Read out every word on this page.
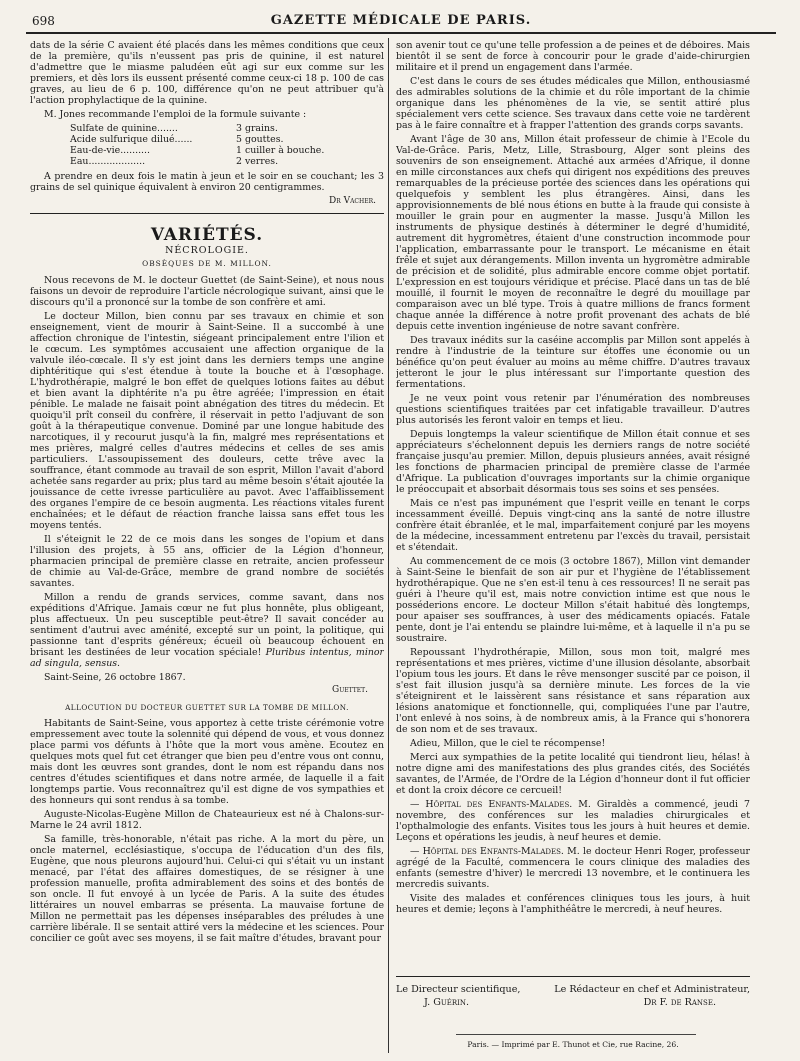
698	GAZETTE MÉDICALE DE PARIS.

dats de la série C avaient été placés dans les mêmes conditions que ceux de la première, qu'ils n'eussent pas pris de quinine, il est naturel d'admettre que le miasme paludéen eût agi sur eux comme sur les premiers, et dès lors ils eussent présenté comme ceux-ci 18 p. 100 de cas graves, au lieu de 6 p. 100, différence qu'on ne peut attribuer qu'à l'action prophylactique de la quinine.

M. Jones recommande l'emploi de la formule suivante :

Sulfate de quinine.......	3 grains.
Acide sulfurique dilué......	5 gouttes.
Eau-de-vie..........	1 cuiller à bouche.
Eau...................	2 verres.

A prendre en deux fois le matin à jeun et le soir en se couchant; les 3 grains de sel quinique équivalent à environ 20 centigrammes.

Dr Vacher.
VARIÉTÉS.
NÉCROLOGIE.
OBSÈQUES DE M. MILLON.

Nous recevons de M. le docteur Guettet (de Saint-Seine), et nous nous faisons un devoir de reproduire l'article nécrologique suivant, ainsi que le discours qu'il a prononcé sur la tombe de son confrère et ami.

Le docteur Millon, bien connu par ses travaux en chimie et son enseignement, vient de mourir à Saint-Seine. Il a succombé à une affection chronique de l'intestin, siégeant principalement entre l'ilion et le cœcum. Les symptômes accusaient une affection organique de la valvule iléo-cœcale. Il s'y est joint dans les derniers temps une angine diphtéritique qui s'est étendue à toute la bouche et à l'œsophage. L'hydrothérapie, malgré le bon effet de quelques lotions faites au début et bien avant la diphtérite n'a pu être agréée; l'impression en était pénible. Le malade ne faisait point abnégation des titres du médecin. Et quoiqu'il prît conseil du confrère, il réservait in petto l'adjuvant de son goût à la thérapeutique convenue. Dominé par une longue habitude des narcotiques, il y recourut jusqu'à la fin, malgré mes représentations et mes prières, malgré celles d'autres médecins et celles de ses amis particuliers. L'assoupissement des douleurs, cette trêve avec la souffrance, étant commode au travail de son esprit, Millon l'avait d'abord achetée sans regarder au prix; plus tard au même besoin s'était ajoutée la jouissance de cette ivresse particulière au pavot. Avec l'affaiblissement des organes l'empire de ce besoin augmenta. Les réactions vitales furent enchaînées; et le défaut de réaction franche laissa sans effet tous les moyens tentés.

Il s'éteignit le 22 de ce mois dans les songes de l'opium et dans l'illusion des projets, à 55 ans, officier de la Légion d'honneur, pharmacien principal de première classe en retraite, ancien professeur de chimie au Val-de-Grâce, membre de grand nombre de sociétés savantes.

Millon a rendu de grands services, comme savant, dans nos expéditions d'Afrique. Jamais cœur ne fut plus honnête, plus obligeant, plus affectueux. Un peu susceptible peut-être? Il savait concéder au sentiment d'autrui avec aménité, excepté sur un point, la politique, qui passionne tant d'esprits généreux; écueil où beaucoup échouent en brisant les destinées de leur vocation spéciale! Pluribus intentus, minor ad singula, sensus.

Saint-Seine, 26 octobre 1867.
Guettet.
ALLOCUTION DU DOCTEUR GUETTET SUR LA TOMBE DE MILLON.

Habitants de Saint-Seine, vous apportez à cette triste cérémonie votre empressement avec toute la solennité qui dépend de vous, et vous donnez place parmi vos défunts à l'hôte que la mort vous amène. Ecoutez en quelques mots quel fut cet étranger que bien peu d'entre vous ont connu, mais dont les œuvres sont grandes, dont le nom est répandu dans nos centres d'études scientifiques et dans notre armée, de laquelle il a fait longtemps partie. Vous reconnaîtrez qu'il est digne de vos sympathies et des honneurs qui sont rendus à sa tombe.

Auguste-Nicolas-Eugène Millon de Chateaurieux est né à Chalons-sur-Marne le 24 avril 1812.

Sa famille, très-honorable, n'était pas riche. A la mort du père, un oncle maternel, ecclésiastique, s'occupa de l'éducation d'un des fils, Eugène, que nous pleurons aujourd'hui. Celui-ci qui s'était vu un instant menacé, par l'état des affaires domestiques, de se résigner à une profession manuelle, profita admirablement des soins et des bontés de son oncle. Il fut envoyé à un lycée de Paris. A la suite des études littéraires un nouvel embarras se présenta. La mauvaise fortune de Millon ne permettait pas les dépenses inséparables des préludes à une carrière libérale. Il se sentait attiré vers la médecine et les sciences. Pour concilier ce goût avec ses moyens, il se fait maître d'études, bravant pour

son avenir tout ce qu'une telle profession a de peines et de déboires. Mais bientôt il se sent de force à concourir pour le grade d'aide-chirurgien militaire et il prend un engagement dans l'armée.

C'est dans le cours de ses études médicales que Millon, enthousiasmé des admirables solutions de la chimie et du rôle important de la chimie organique dans les phénomènes de la vie, se sentit attiré plus spécialement vers cette science. Ses travaux dans cette voie ne tardèrent pas à le faire connaître et à frapper l'attention des grands corps savants.

Avant l'âge de 30 ans, Millon était professeur de chimie à l'Ecole du Val-de-Grâce. Paris, Metz, Lille, Strasbourg, Alger sont pleins des souvenirs de son enseignement. Attaché aux armées d'Afrique, il donne en mille circonstances aux chefs qui dirigent nos expéditions des preuves remarquables de la précieuse portée des sciences dans les opérations qui quelquefois y semblent les plus étrangères. Ainsi, dans les approvisionnements de blé nous étions en butte à la fraude qui consiste à mouiller le grain pour en augmenter la masse. Jusqu'à Millon les instruments de physique destinés à déterminer le degré d'humidité, autrement dit hygromètres, étaient d'une construction incommode pour l'application, embarrassante pour le transport. Le mécanisme en était frêle et sujet aux dérangements. Millon inventa un hygromètre admirable de précision et de solidité, plus admirable encore comme objet portatif. L'expression en est toujours véridique et précise. Placé dans un tas de blé mouillé, il fournit le moyen de reconnaître le degré du mouillage par comparaison avec un blé type. Trois à quatre millions de francs forment chaque année la différence à notre profit provenant des achats de blé depuis cette invention ingénieuse de notre savant confrère.

Des travaux inédits sur la caséine accomplis par Millon sont appelés à rendre à l'industrie de la teinture sur étoffes une économie ou un bénéfice qu'on peut évaluer au moins au même chiffre. D'autres travaux jetteront le jour le plus intéressant sur l'importante question des fermentations.

Je ne veux point vous retenir par l'énumération des nombreuses questions scientifiques traitées par cet infatigable travailleur. D'autres plus autorisés les feront valoir en temps et lieu.

Depuis longtemps la valeur scientifique de Millon était connue et ses appréciateurs s'échelonnent depuis les derniers rangs de notre société française jusqu'au premier. Millon, depuis plusieurs années, avait résigné les fonctions de pharmacien principal de première classe de l'armée d'Afrique. La publication d'ouvrages importants sur la chimie organique le préoccupait et absorbait désormais tous ses soins et ses pensées.

Mais ce n'est pas impunément que l'esprit veille en tenant le corps incessamment éveillé. Depuis vingt-cinq ans la santé de notre illustre confrère était ébranlée, et le mal, imparfaitement conjuré par les moyens de la médecine, incessamment entretenu par l'excès du travail, persistait et s'étendait.

Au commencement de ce mois (3 octobre 1867), Millon vint demander à Saint-Seine le bienfait de son air pur et l'hygiène de l'établissement hydrothérapique. Que ne s'en est-il tenu à ces ressources! Il ne serait pas guéri à l'heure qu'il est, mais notre conviction intime est que nous le posséderions encore. Le docteur Millon s'était habitué dès longtemps, pour apaiser ses souffrances, à user des médicaments opiacés. Fatale pente, dont je l'ai entendu se plaindre lui-même, et à laquelle il n'a pu se soustraire.

Repoussant l'hydrothérapie, Millon, sous mon toit, malgré mes représentations et mes prières, victime d'une illusion désolante, absorbait l'opium tous les jours. Et dans le rêve mensonger suscité par ce poison, il s'est fait illusion jusqu'à sa dernière minute. Les forces de la vie s'éteignirent et le laissèrent sans résistance et sans réparation aux lésions anatomique et fonctionnelle, qui, compliquées l'une par l'autre, l'ont enlevé à nos soins, à de nombreux amis, à la France qui s'honorera de son nom et de ses travaux.

Adieu, Millon, que le ciel te récompense!

Merci aux sympathies de la petite localité qui tiendront lieu, hélas! à notre digne ami des manifestations des plus grandes cités, des Sociétés savantes, de l'Armée, de l'Ordre de la Légion d'honneur dont il fut officier et dont la croix décore ce cercueil!

— Hôpital des Enfants-Malades. M. Giraldès a commencé, jeudi 7 novembre, des conférences sur les maladies chirurgicales et l'opthalmologie des enfants. Visites tous les jours à huit heures et demie. Leçons et opérations les jeudis, à neuf heures et demie.

— Hôpital des Enfants-Malades. M. le docteur Henri Roger, professeur agrégé de la Faculté, commencera le cours clinique des maladies des enfants (semestre d'hiver) le mercredi 13 novembre, et le continuera les mercredis suivants.

Visite des malades et conférences cliniques tous les jours, à huit heures et demie; leçons à l'amphithéâtre le mercredi, à neuf heures.

Le Directeur scientifique,	Le Rédacteur en chef et Administrateur,
J. Guérin.	Dr F. de Ranse.
Paris. — Imprimé par E. Thunot et Cie, rue Racine, 26.
